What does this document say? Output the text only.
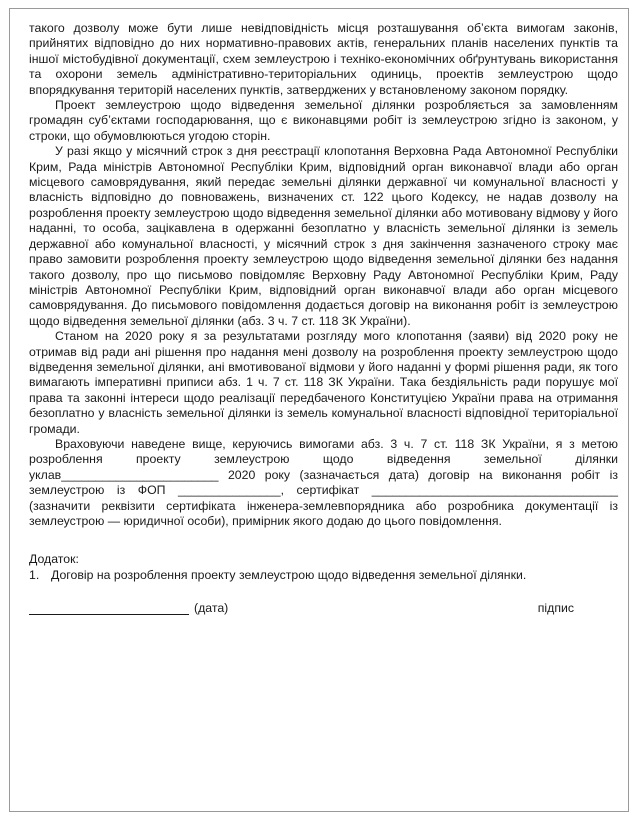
такого дозволу може бути лише невідповідність місця розташування об’єкта вимогам законів, прийнятих відповідно до них нормативно-правових актів, генеральних планів населених пунктів та іншої містобудівної документації, схем землеустрою і техніко-економічних обґрунтувань використання та охорони земель адміністративно-територіальних одиниць, проектів землеустрою щодо впорядкування територій населених пунктів, затверджених у встановленому законом порядку.

Проект землеустрою щодо відведення земельної ділянки розробляється за замовленням громадян суб’єктами господарювання, що є виконавцями робіт із землеустрою згідно із законом, у строки, що обумовлюються угодою сторін.

У разі якщо у місячний строк з дня реєстрації клопотання Верховна Рада Автономної Республіки Крим, Рада міністрів Автономної Республіки Крим, відповідний орган виконавчої влади або орган місцевого самоврядування, який передає земельні ділянки державної чи комунальної власності у власність відповідно до повноважень, визначених ст. 122 цього Кодексу, не надав дозволу на розроблення проекту землеустрою щодо відведення земельної ділянки або мотивовану відмову у його наданні, то особа, зацікавлена в одержанні безоплатно у власність земельної ділянки із земель державної або комунальної власності, у місячний строк з дня закінчення зазначеного строку має право замовити розроблення проекту землеустрою щодо відведення земельної ділянки без надання такого дозволу, про що письмово повідомляє Верховну Раду Автономної Республіки Крим, Раду міністрів Автономної Республіки Крим, відповідний орган виконавчої влади або орган місцевого самоврядування. До письмового повідомлення додається договір на виконання робіт із землеустрою щодо відведення земельної ділянки (абз. 3 ч. 7 ст. 118 ЗК України).

Станом на 2020 року я за результатами розгляду мого клопотання (заяви) від 2020 року не отримав від ради ані рішення про надання мені дозволу на розроблення проекту землеустрою щодо відведення земельної ділянки, ані вмотивованої відмови у його наданні у формі рішення ради, як того вимагають імперативні приписи абз. 1 ч. 7 ст. 118 ЗК України. Така бездіяльність ради порушує мої права та законні інтереси щодо реалізації передбаченого Конституцією України права на отримання безоплатно у власність земельної ділянки із земель комунальної власності відповідної територіальної громади.

Враховуючи наведене вище, керуючись вимогами абз. 3 ч. 7 ст. 118 ЗК України, я з метою розроблення проекту землеустрою щодо відведення земельної ділянки уклав_______________________ 2020 року (зазначається дата) договір на виконання робіт із землеустрою із ФОП _______________, сертифікат ____________________________________ (зазначити реквізити сертифіката інженера-землевпорядника або розробника документації із землеустрою — юридичної особи), примірник якого додаю до цього повідомлення.

Додаток:

1. Договір на розроблення проекту землеустрою щодо відведення земельної ділянки.
(дата)	підпис
